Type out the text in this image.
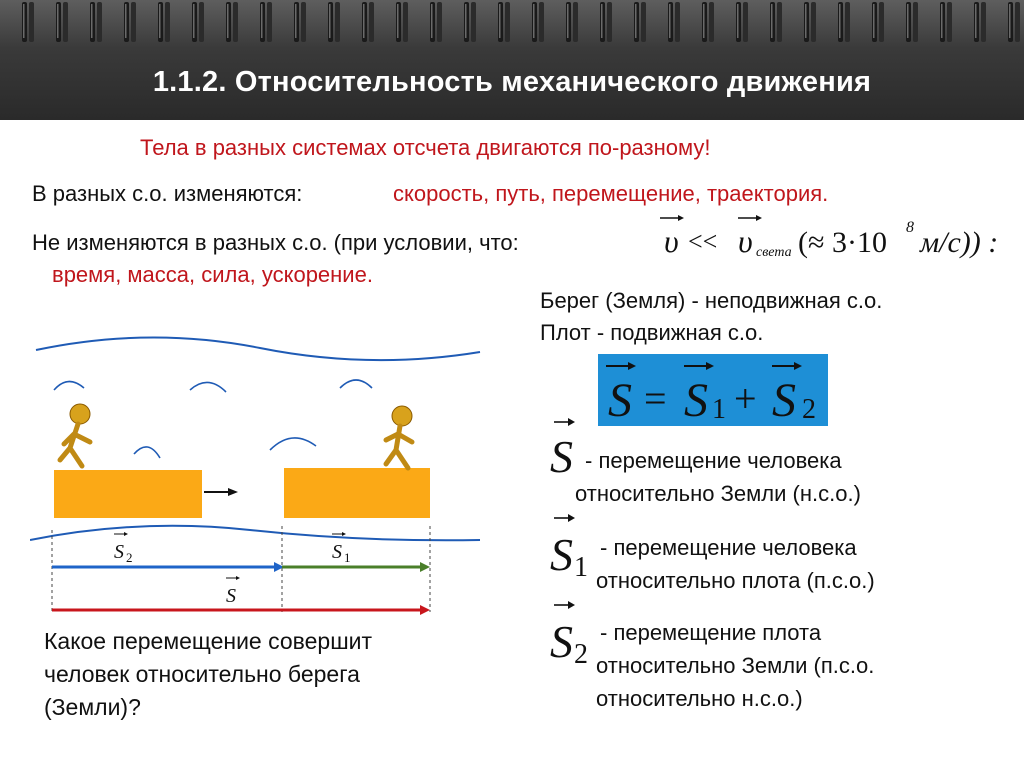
1.1.2. Относительность механического движения
Тела в разных системах отсчета двигаются по-разному!
В разных с.о. изменяются:	скорость, путь, перемещение, траектория.
Не изменяются в разных с.о. (при условии, что:	υ << υ света (≈ 3·10 8 м/с)) :
время, масса, сила, ускорение.
Берег (Земля) - неподвижная с.о.
Плот - подвижная с.о.
S = S 1 + S 2
S - перемещение человека
относительно Земли (н.с.о.)
S 1
- перемещение человека
относительно плота (п.с.о.)
S 2
- перемещение плота
относительно Земли (п.с.о.
относительно н.с.о.)
S 2	S 1
S
Какое перемещение совершит
человек относительно берега
(Земли)?
